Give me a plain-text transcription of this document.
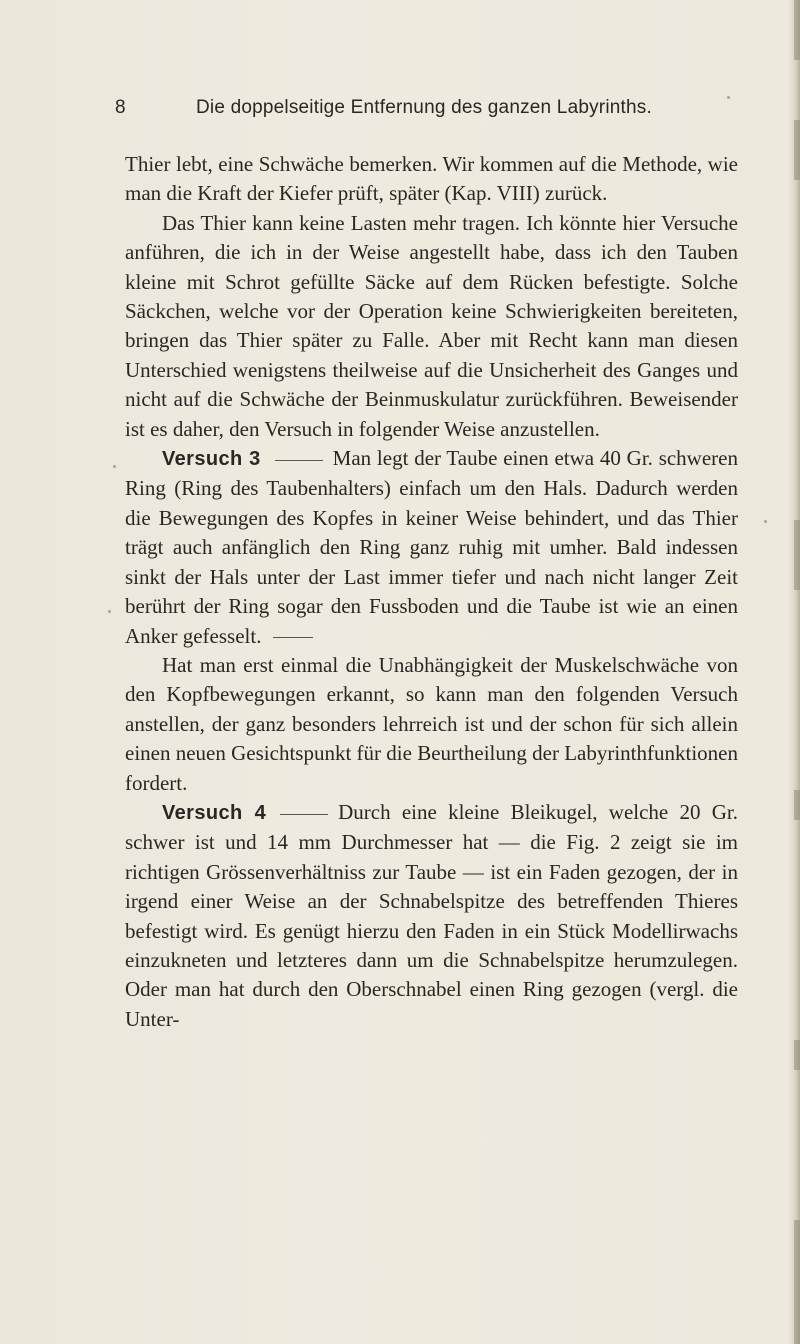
8	Die doppelseitige Entfernung des ganzen Labyrinths.

Thier lebt, eine Schwäche bemerken. Wir kommen auf die Methode, wie man die Kraft der Kiefer prüft, später (Kap. VIII) zurück.

Das Thier kann keine Lasten mehr tragen. Ich könnte hier Versuche anführen, die ich in der Weise angestellt habe, dass ich den Tauben kleine mit Schrot gefüllte Säcke auf dem Rücken befestigte. Solche Säckchen, welche vor der Operation keine Schwierigkeiten bereiteten, bringen das Thier später zu Falle. Aber mit Recht kann man diesen Unterschied wenigstens theilweise auf die Unsicherheit des Ganges und nicht auf die Schwäche der Beinmuskulatur zurückführen. Beweisender ist es daher, den Versuch in folgender Weise anzustellen.

Versuch 3	Man legt der Taube einen etwa 40 Gr. schweren Ring (Ring des Taubenhalters) einfach um den Hals. Dadurch werden die Bewegungen des Kopfes in keiner Weise behindert, und das Thier trägt auch anfänglich den Ring ganz ruhig mit umher. Bald indessen sinkt der Hals unter der Last immer tiefer und nach nicht langer Zeit berührt der Ring sogar den Fussboden und die Taube ist wie an einen Anker gefesselt.

Hat man erst einmal die Unabhängigkeit der Muskelschwäche von den Kopfbewegungen erkannt, so kann man den folgenden Versuch anstellen, der ganz besonders lehrreich ist und der schon für sich allein einen neuen Gesichtspunkt für die Beurtheilung der Labyrinthfunktionen fordert.

Versuch 4	Durch eine kleine Bleikugel, welche 20 Gr. schwer ist und 14 mm Durchmesser hat — die Fig. 2 zeigt sie im richtigen Grössenverhältniss zur Taube — ist ein Faden gezogen, der in irgend einer Weise an der Schnabelspitze des betreffenden Thieres befestigt wird. Es genügt hierzu den Faden in ein Stück Modellirwachs einzukneten und letzteres dann um die Schnabelspitze herumzulegen. Oder man hat durch den Oberschnabel einen Ring gezogen (vergl. die Unter-
